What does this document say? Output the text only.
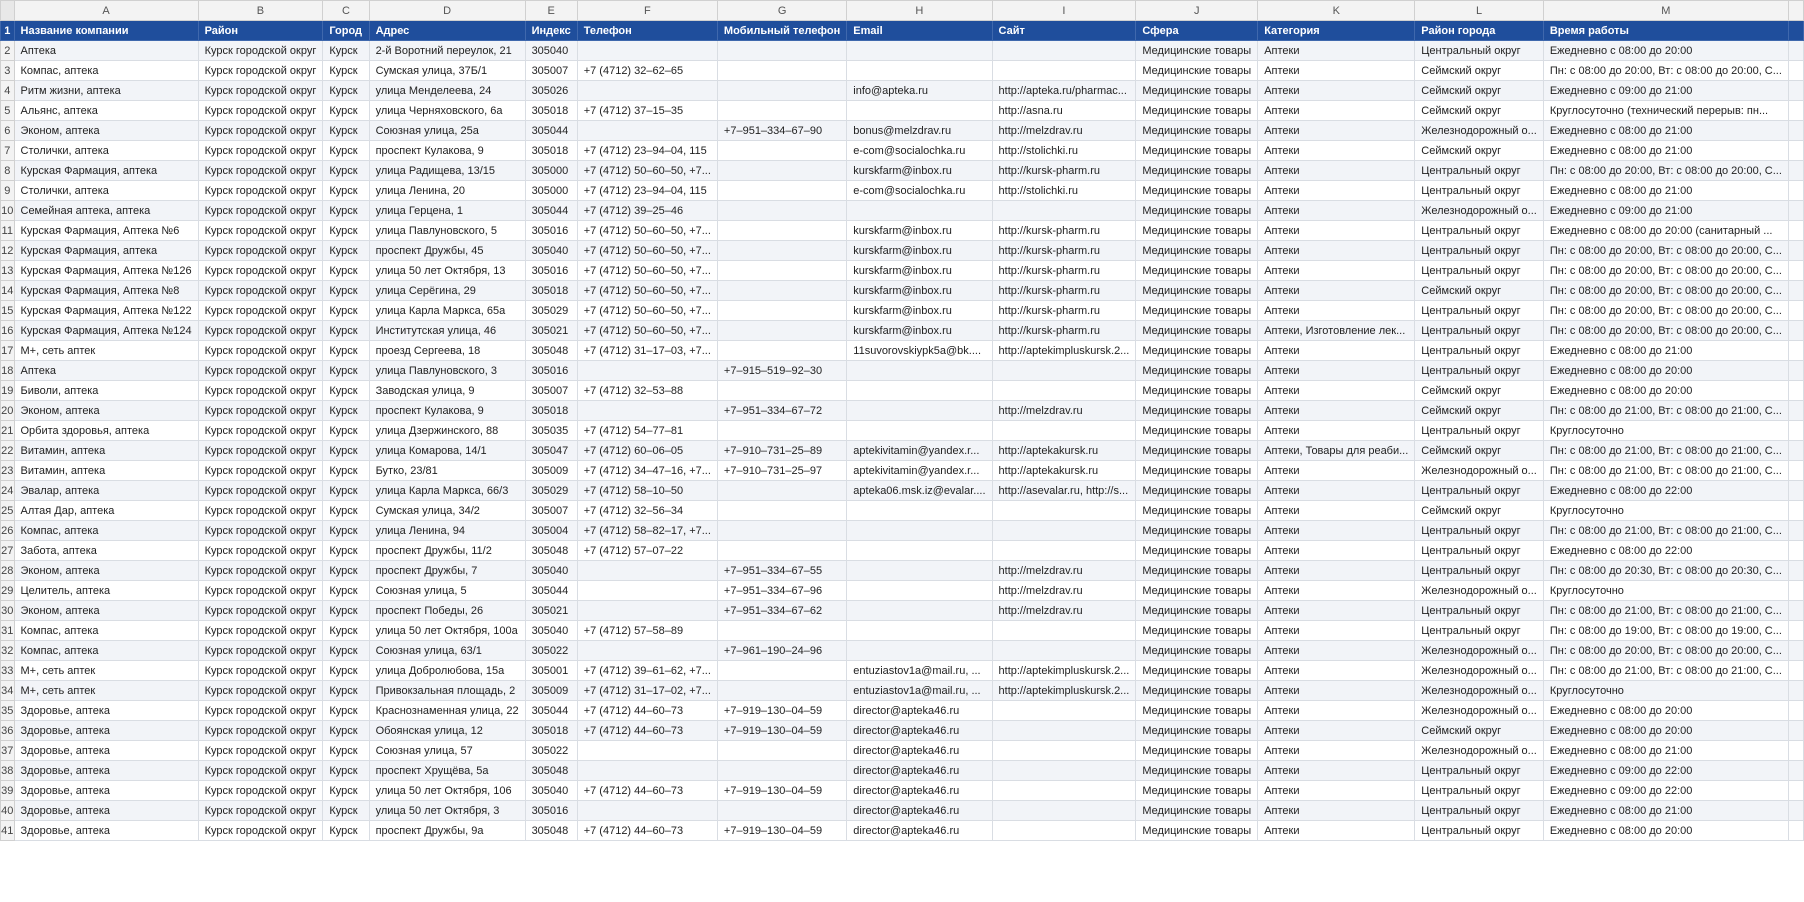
	A	B	C	D	E	F	G	H	I	J	K	L	M	
1	Название компании	Район	Город	Адрес	Индекс	Телефон	Мобильный телефон	Email	Сайт	Сфера	Категория	Район города	Время работы	
2	Аптека	Курск городской округ	Курск	2-й Воротний переулок, 21	305040					Медицинские товары	Аптеки	Центральный округ	Ежедневно с 08:00 до 20:00	
3	Компас, аптека	Курск городской округ	Курск	Сумская улица, 37Б/1	305007	+7 (4712) 32–62–65				Медицинские товары	Аптеки	Сеймский округ	Пн: с 08:00 до 20:00, Вт: с 08:00 до 20:00, С...	
4	Ритм жизни, аптека	Курск городской округ	Курск	улица Менделеева, 24	305026			info@apteka.ru	http://apteka.ru/pharmac...	Медицинские товары	Аптеки	Сеймский округ	Ежедневно с 09:00 до 21:00	
5	Альянс, аптека	Курск городской округ	Курск	улица Черняховского, 6а	305018	+7 (4712) 37–15–35			http://asna.ru	Медицинские товары	Аптеки	Сеймский округ	Круглосуточно (технический перерыв: пн...	
6	Эконом, аптека	Курск городской округ	Курск	Союзная улица, 25а	305044		+7–951–334–67–90	bonus@melzdrav.ru	http://melzdrav.ru	Медицинские товары	Аптеки	Железнодорожный о...	Ежедневно с 08:00 до 21:00	
7	Столички, аптека	Курск городской округ	Курск	проспект Кулакова, 9	305018	+7 (4712) 23–94–04, 115		e-com@socialochka.ru	http://stolichki.ru	Медицинские товары	Аптеки	Сеймский округ	Ежедневно с 08:00 до 21:00	
8	Курская Фармация, аптека	Курск городской округ	Курск	улица Радищева, 13/15	305000	+7 (4712) 50–60–50, +7...		kurskfarm@inbox.ru	http://kursk-pharm.ru	Медицинские товары	Аптеки	Центральный округ	Пн: с 08:00 до 20:00, Вт: с 08:00 до 20:00, С...	
9	Столички, аптека	Курск городской округ	Курск	улица Ленина, 20	305000	+7 (4712) 23–94–04, 115		e-com@socialochka.ru	http://stolichki.ru	Медицинские товары	Аптеки	Центральный округ	Ежедневно с 08:00 до 21:00	
10	Семейная аптека, аптека	Курск городской округ	Курск	улица Герцена, 1	305044	+7 (4712) 39–25–46				Медицинские товары	Аптеки	Железнодорожный о...	Ежедневно с 09:00 до 21:00	
11	Курская Фармация, Аптека №6	Курск городской округ	Курск	улица Павлуновского, 5	305016	+7 (4712) 50–60–50, +7...		kurskfarm@inbox.ru	http://kursk-pharm.ru	Медицинские товары	Аптеки	Центральный округ	Ежедневно с 08:00 до 20:00 (санитарный ...	
12	Курская Фармация, аптека	Курск городской округ	Курск	проспект Дружбы, 45	305040	+7 (4712) 50–60–50, +7...		kurskfarm@inbox.ru	http://kursk-pharm.ru	Медицинские товары	Аптеки	Центральный округ	Пн: с 08:00 до 20:00, Вт: с 08:00 до 20:00, С...	
13	Курская Фармация, Аптека №126	Курск городской округ	Курск	улица 50 лет Октября, 13	305016	+7 (4712) 50–60–50, +7...		kurskfarm@inbox.ru	http://kursk-pharm.ru	Медицинские товары	Аптеки	Центральный округ	Пн: с 08:00 до 20:00, Вт: с 08:00 до 20:00, С...	
14	Курская Фармация, Аптека №8	Курск городской округ	Курск	улица Серёгина, 29	305018	+7 (4712) 50–60–50, +7...		kurskfarm@inbox.ru	http://kursk-pharm.ru	Медицинские товары	Аптеки	Сеймский округ	Пн: с 08:00 до 20:00, Вт: с 08:00 до 20:00, С...	
15	Курская Фармация, Аптека №122	Курск городской округ	Курск	улица Карла Маркса, 65а	305029	+7 (4712) 50–60–50, +7...		kurskfarm@inbox.ru	http://kursk-pharm.ru	Медицинские товары	Аптеки	Центральный округ	Пн: с 08:00 до 20:00, Вт: с 08:00 до 20:00, С...	
16	Курская Фармация, Аптека №124	Курск городской округ	Курск	Институтская улица, 46	305021	+7 (4712) 50–60–50, +7...		kurskfarm@inbox.ru	http://kursk-pharm.ru	Медицинские товары	Аптеки, Изготовление лек...	Центральный округ	Пн: с 08:00 до 20:00, Вт: с 08:00 до 20:00, С...	
17	М+, сеть аптек	Курск городской округ	Курск	проезд Сергеева, 18	305048	+7 (4712) 31–17–03, +7...		11suvorovskiypk5a@bk....	http://aptekimpluskursk.2...	Медицинские товары	Аптеки	Центральный округ	Ежедневно с 08:00 до 21:00	
18	Аптека	Курск городской округ	Курск	улица Павлуновского, 3	305016		+7–915–519–92–30			Медицинские товары	Аптеки	Центральный округ	Ежедневно с 08:00 до 20:00	
19	Биволи, аптека	Курск городской округ	Курск	Заводская улица, 9	305007	+7 (4712) 32–53–88				Медицинские товары	Аптеки	Сеймский округ	Ежедневно с 08:00 до 20:00	
20	Эконом, аптека	Курск городской округ	Курск	проспект Кулакова, 9	305018		+7–951–334–67–72		http://melzdrav.ru	Медицинские товары	Аптеки	Сеймский округ	Пн: с 08:00 до 21:00, Вт: с 08:00 до 21:00, С...	
21	Орбита здоровья, аптека	Курск городской округ	Курск	улица Дзержинского, 88	305035	+7 (4712) 54–77–81				Медицинские товары	Аптеки	Центральный округ	Круглосуточно	
22	Витамин, аптека	Курск городской округ	Курск	улица Комарова, 14/1	305047	+7 (4712) 60–06–05	+7–910–731–25–89	aptekivitamin@yandex.r...	http://aptekakursk.ru	Медицинские товары	Аптеки, Товары для реаби...	Сеймский округ	Пн: с 08:00 до 21:00, Вт: с 08:00 до 21:00, С...	
23	Витамин, аптека	Курск городской округ	Курск	Бутко, 23/81	305009	+7 (4712) 34–47–16, +7...	+7–910–731–25–97	aptekivitamin@yandex.r...	http://aptekakursk.ru	Медицинские товары	Аптеки	Железнодорожный о...	Пн: с 08:00 до 21:00, Вт: с 08:00 до 21:00, С...	
24	Эвалар, аптека	Курск городской округ	Курск	улица Карла Маркса, 66/3	305029	+7 (4712) 58–10–50		apteka06.msk.iz@evalar....	http://asevalar.ru, http://s...	Медицинские товары	Аптеки	Центральный округ	Ежедневно с 08:00 до 22:00	
25	Алтая Дар, аптека	Курск городской округ	Курск	Сумская улица, 34/2	305007	+7 (4712) 32–56–34				Медицинские товары	Аптеки	Сеймский округ	Круглосуточно	
26	Компас, аптека	Курск городской округ	Курск	улица Ленина, 94	305004	+7 (4712) 58–82–17, +7...				Медицинские товары	Аптеки	Центральный округ	Пн: с 08:00 до 21:00, Вт: с 08:00 до 21:00, С...	
27	Забота, аптека	Курск городской округ	Курск	проспект Дружбы, 11/2	305048	+7 (4712) 57–07–22				Медицинские товары	Аптеки	Центральный округ	Ежедневно с 08:00 до 22:00	
28	Эконом, аптека	Курск городской округ	Курск	проспект Дружбы, 7	305040		+7–951–334–67–55		http://melzdrav.ru	Медицинские товары	Аптеки	Центральный округ	Пн: с 08:00 до 20:30, Вт: с 08:00 до 20:30, С...	
29	Целитель, аптека	Курск городской округ	Курск	Союзная улица, 5	305044		+7–951–334–67–96		http://melzdrav.ru	Медицинские товары	Аптеки	Железнодорожный о...	Круглосуточно	
30	Эконом, аптека	Курск городской округ	Курск	проспект Победы, 26	305021		+7–951–334–67–62		http://melzdrav.ru	Медицинские товары	Аптеки	Центральный округ	Пн: с 08:00 до 21:00, Вт: с 08:00 до 21:00, С...	
31	Компас, аптека	Курск городской округ	Курск	улица 50 лет Октября, 100а	305040	+7 (4712) 57–58–89				Медицинские товары	Аптеки	Центральный округ	Пн: с 08:00 до 19:00, Вт: с 08:00 до 19:00, С...	
32	Компас, аптека	Курск городской округ	Курск	Союзная улица, 63/1	305022		+7–961–190–24–96			Медицинские товары	Аптеки	Железнодорожный о...	Пн: с 08:00 до 20:00, Вт: с 08:00 до 20:00, С...	
33	М+, сеть аптек	Курск городской округ	Курск	улица Добролюбова, 15а	305001	+7 (4712) 39–61–62, +7...		entuziastov1a@mail.ru, ...	http://aptekimpluskursk.2...	Медицинские товары	Аптеки	Железнодорожный о...	Пн: с 08:00 до 21:00, Вт: с 08:00 до 21:00, С...	
34	М+, сеть аптек	Курск городской округ	Курск	Привокзальная площадь, 2	305009	+7 (4712) 31–17–02, +7...		entuziastov1a@mail.ru, ...	http://aptekimpluskursk.2...	Медицинские товары	Аптеки	Железнодорожный о...	Круглосуточно	
35	Здоровье, аптека	Курск городской округ	Курск	Краснознаменная улица, 22	305044	+7 (4712) 44–60–73	+7–919–130–04–59	director@apteka46.ru		Медицинские товары	Аптеки	Железнодорожный о...	Ежедневно с 08:00 до 20:00	
36	Здоровье, аптека	Курск городской округ	Курск	Обоянская улица, 12	305018	+7 (4712) 44–60–73	+7–919–130–04–59	director@apteka46.ru		Медицинские товары	Аптеки	Сеймский округ	Ежедневно с 08:00 до 20:00	
37	Здоровье, аптека	Курск городской округ	Курск	Союзная улица, 57	305022			director@apteka46.ru		Медицинские товары	Аптеки	Железнодорожный о...	Ежедневно с 08:00 до 21:00	
38	Здоровье, аптека	Курск городской округ	Курск	проспект Хрущёва, 5а	305048			director@apteka46.ru		Медицинские товары	Аптеки	Центральный округ	Ежедневно с 09:00 до 22:00	
39	Здоровье, аптека	Курск городской округ	Курск	улица 50 лет Октября, 106	305040	+7 (4712) 44–60–73	+7–919–130–04–59	director@apteka46.ru		Медицинские товары	Аптеки	Центральный округ	Ежедневно с 09:00 до 22:00	
40	Здоровье, аптека	Курск городской округ	Курск	улица 50 лет Октября, 3	305016			director@apteka46.ru		Медицинские товары	Аптеки	Центральный округ	Ежедневно с 08:00 до 21:00	
41	Здоровье, аптека	Курск городской округ	Курск	проспект Дружбы, 9а	305048	+7 (4712) 44–60–73	+7–919–130–04–59	director@apteka46.ru		Медицинские товары	Аптеки	Центральный округ	Ежедневно с 08:00 до 20:00	
